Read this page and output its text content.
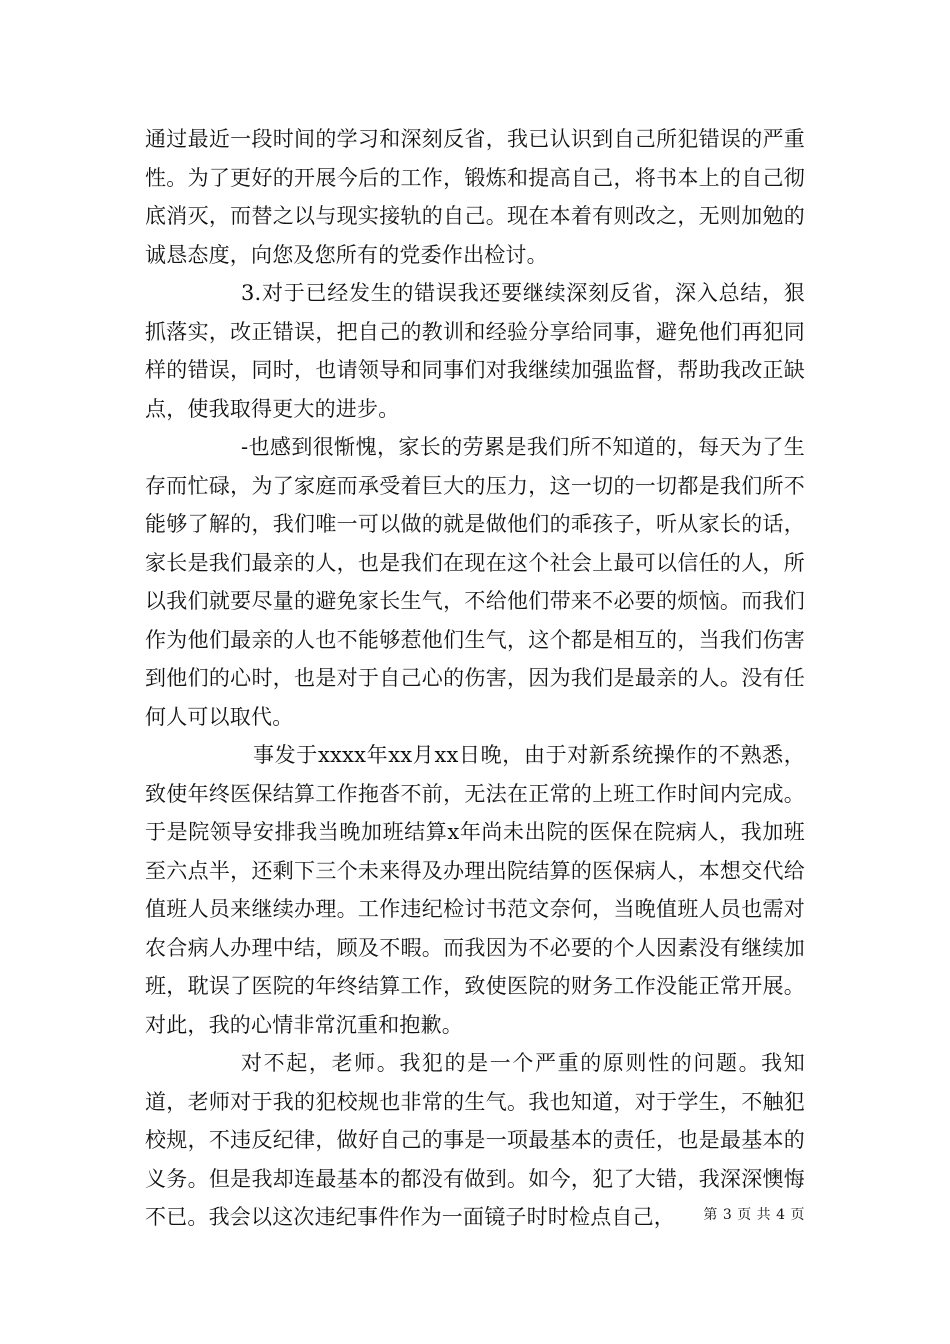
通过最近一段时间的学习和深刻反省，我已认识到自己所犯错误的严重性。为了更好的开展今后的工作，锻炼和提高自己，将书本上的自己彻底消灭，而替之以与现实接轨的自己。现在本着有则改之，无则加勉的诚恳态度，向您及您所有的党委作出检讨。

3.对于已经发生的错误我还要继续深刻反省，深入总结，狠抓落实，改正错误，把自己的教训和经验分享给同事，避免他们再犯同样的错误，同时，也请领导和同事们对我继续加强监督，帮助我改正缺点，使我取得更大的进步。

-也感到很惭愧，家长的劳累是我们所不知道的，每天为了生存而忙碌，为了家庭而承受着巨大的压力，这一切的一切都是我们所不能够了解的，我们唯一可以做的就是做他们的乖孩子，听从家长的话，家长是我们最亲的人，也是我们在现在这个社会上最可以信任的人，所以我们就要尽量的避免家长生气，不给他们带来不必要的烦恼。而我们作为他们最亲的人也不能够惹他们生气，这个都是相互的，当我们伤害到他们的心时，也是对于自己心的伤害，因为我们是最亲的人。没有任何人可以取代。

事发于xxxx年xx月xx日晚，由于对新系统操作的不熟悉，致使年终医保结算工作拖沓不前，无法在正常的上班工作时间内完成。于是院领导安排我当晚加班结算x年尚未出院的医保在院病人，我加班至六点半，还剩下三个未来得及办理出院结算的医保病人，本想交代给值班人员来继续办理。工作违纪检讨书范文奈何，当晚值班人员也需对农合病人办理中结，顾及不暇。而我因为不必要的个人因素没有继续加班，耽误了医院的年终结算工作，致使医院的财务工作没能正常开展。对此，我的心情非常沉重和抱歉。

对不起，老师。我犯的是一个严重的原则性的问题。我知道，老师对于我的犯校规也非常的生气。我也知道，对于学生，不触犯校规，不违反纪律，做好自己的事是一项最基本的责任，也是最基本的义务。但是我却连最基本的都没有做到。如今，犯了大错，我深深懊悔不已。我会以这次违纪事件作为一面镜子时时检点自己，	第 3 页 共 4 页
